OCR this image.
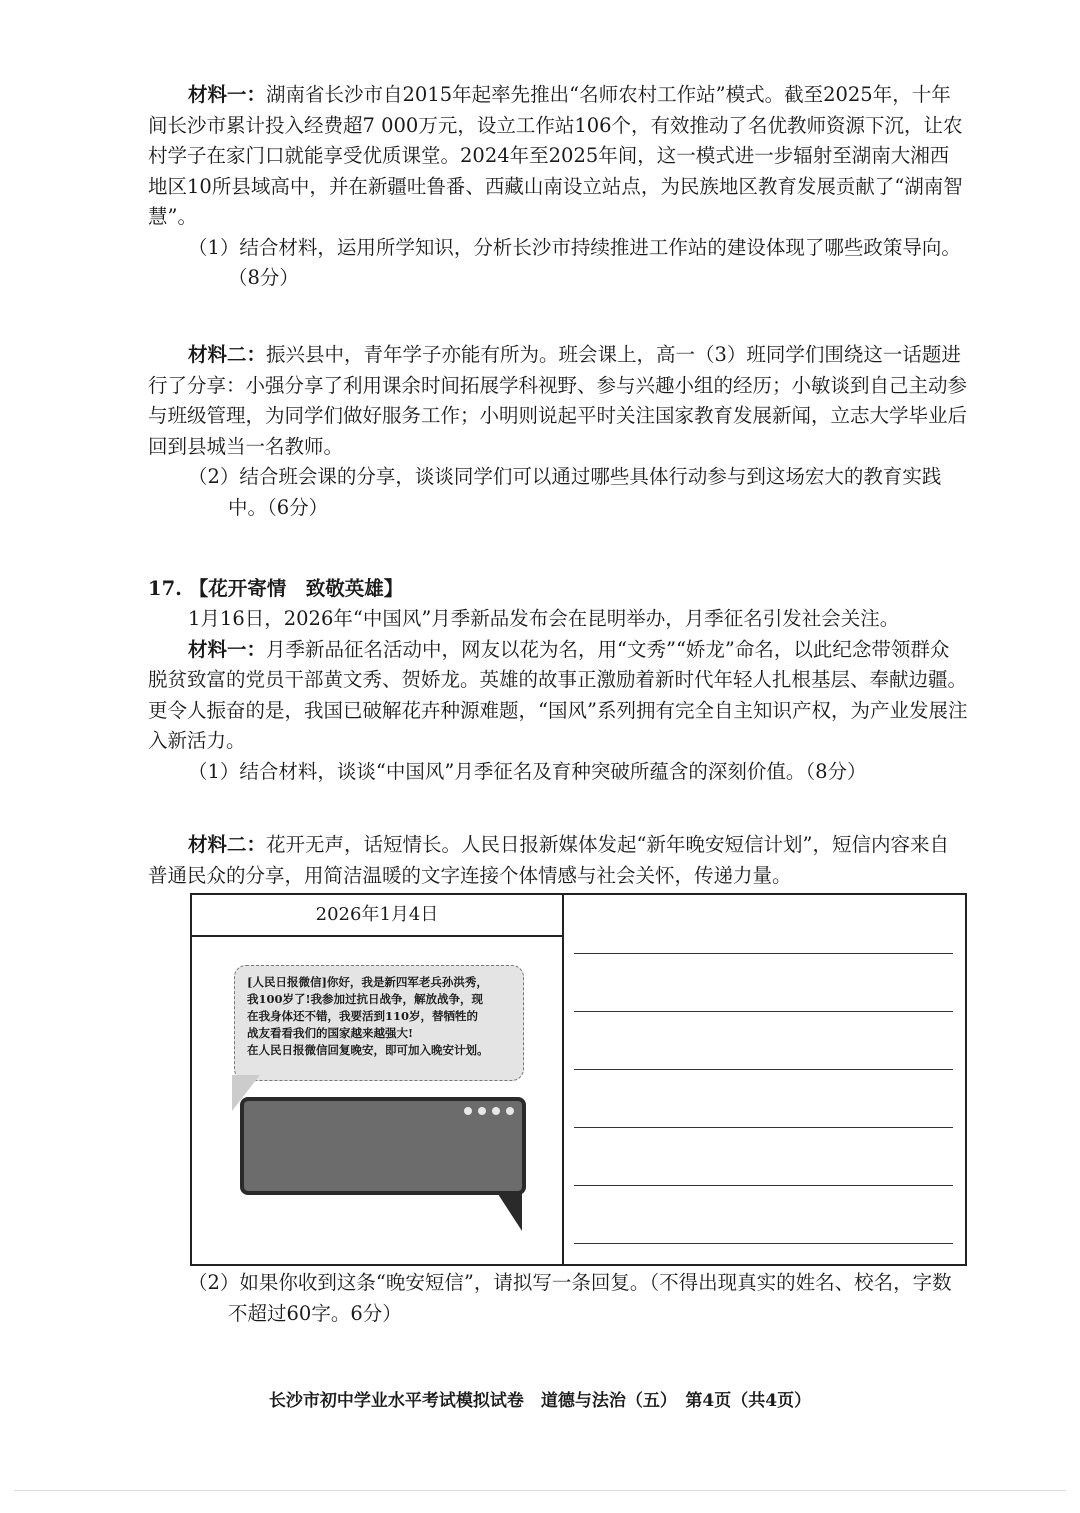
材料一：湖南省长沙市自2015年起率先推出“名师农村工作站”模式。截至2025年，十年间长沙市累计投入经费超7 000万元，设立工作站106个，有效推动了名优教师资源下沉，让农村学子在家门口就能享受优质课堂。2024年至2025年间，这一模式进一步辐射至湖南大湘西地区10所县域高中，并在新疆吐鲁番、西藏山南设立站点，为民族地区教育发展贡献了“湖南智慧”。

（1）结合材料，运用所学知识，分析长沙市持续推进工作站的建设体现了哪些政策导向。（8分）

材料二：振兴县中，青年学子亦能有所为。班会课上，高一（3）班同学们围绕这一话题进行了分享：小强分享了利用课余时间拓展学科视野、参与兴趣小组的经历；小敏谈到自己主动参与班级管理，为同学们做好服务工作；小明则说起平时关注国家教育发展新闻，立志大学毕业后回到县城当一名教师。

（2）结合班会课的分享，谈谈同学们可以通过哪些具体行动参与到这场宏大的教育实践中。（6分）

17. 【花开寄情　致敬英雄】

1月16日，2026年“中国风”月季新品发布会在昆明举办，月季征名引发社会关注。

材料一：月季新品征名活动中，网友以花为名，用“文秀”“娇龙”命名，以此纪念带领群众脱贫致富的党员干部黄文秀、贺娇龙。英雄的故事正激励着新时代年轻人扎根基层、奉献边疆。更令人振奋的是，我国已破解花卉种源难题，“国风”系列拥有完全自主知识产权，为产业发展注入新活力。

（1）结合材料，谈谈“中国风”月季征名及育种突破所蕴含的深刻价值。（8分）

材料二：花开无声，话短情长。人民日报新媒体发起“新年晚安短信计划”，短信内容来自普通民众的分享，用简洁温暖的文字连接个体情感与社会关怀，传递力量。

2026年1月4日

[人民日报微信]你好，我是新四军老兵孙洪秀，

我100岁了!我参加过抗日战争，解放战争，现

在我身体还不错，我要活到110岁，替牺牲的

战友看看我们的国家越来越强大!

在人民日报微信回复晚安，即可加入晚安计划。

（2）如果你收到这条“晚安短信”，请拟写一条回复。（不得出现真实的姓名、校名，字数不超过60字。6分）

长沙市初中学业水平考试模拟试卷　道德与法治（五）　第4页（共4页）
